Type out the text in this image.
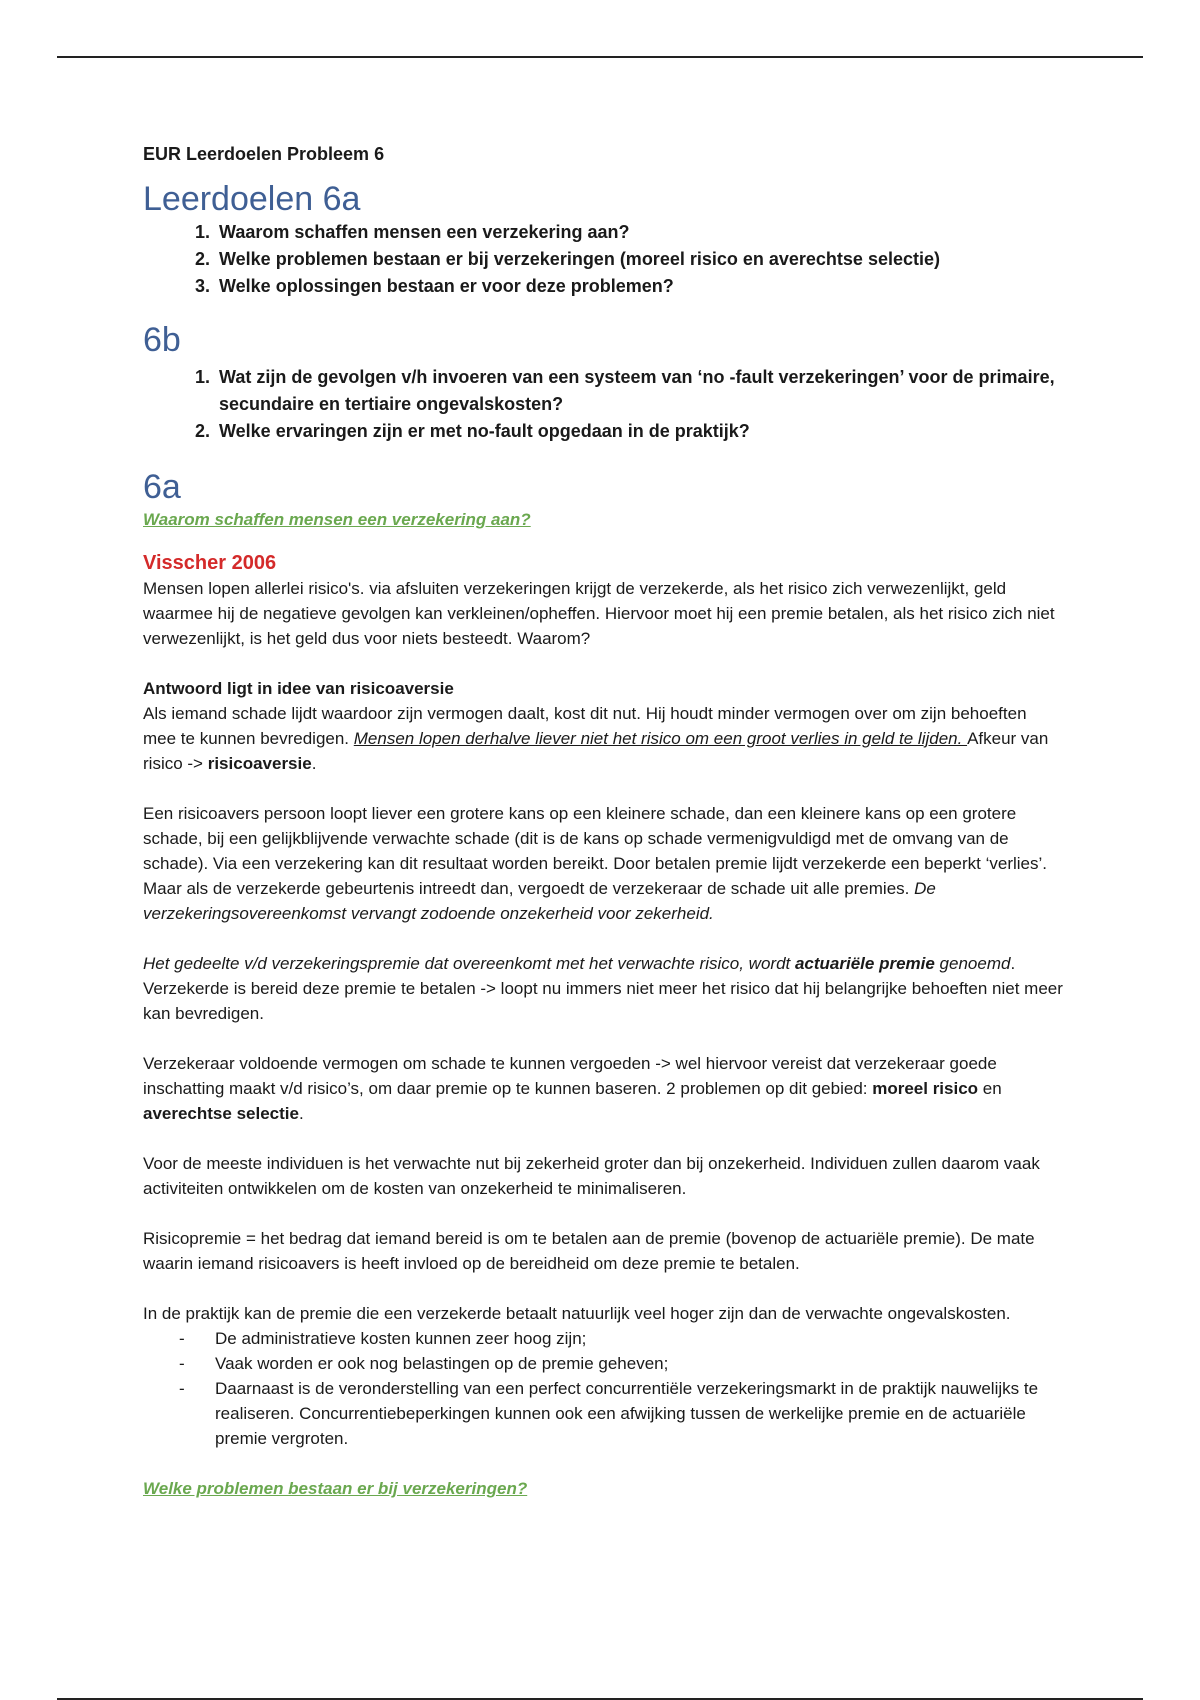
EUR Leerdoelen Probleem 6

Leerdoelen 6a
1. Waarom schaffen mensen een verzekering aan?
2. Welke problemen bestaan er bij verzekeringen (moreel risico en averechtse selectie)
3. Welke oplossingen bestaan er voor deze problemen?
6b
1. Wat zijn de gevolgen v/h invoeren van een systeem van ‘no -fault verzekeringen’ voor de primaire, secundaire en tertiaire ongevalskosten?
2. Welke ervaringen zijn er met no-fault opgedaan in de praktijk?
6a

Waarom schaffen mensen een verzekering aan?

Visscher 2006

Mensen lopen allerlei risico's. via afsluiten verzekeringen krijgt de verzekerde, als het risico zich verwezenlijkt, geld waarmee hij de negatieve gevolgen kan verkleinen/opheffen. Hiervoor moet hij een premie betalen, als het risico zich niet verwezenlijkt, is het geld dus voor niets besteedt. Waarom?

Antwoord ligt in idee van risicoaversie

Als iemand schade lijdt waardoor zijn vermogen daalt, kost dit nut. Hij houdt minder vermogen over om zijn behoeften mee te kunnen bevredigen. Mensen lopen derhalve liever niet het risico om een groot verlies in geld te lijden. Afkeur van risico -> risicoaversie.

Een risicoavers persoon loopt liever een grotere kans op een kleinere schade, dan een kleinere kans op een grotere schade, bij een gelijkblijvende verwachte schade (dit is de kans op schade vermenigvuldigd met de omvang van de schade). Via een verzekering kan dit resultaat worden bereikt. Door betalen premie lijdt verzekerde een beperkt ‘verlies’. Maar als de verzekerde gebeurtenis intreedt dan, vergoedt de verzekeraar de schade uit alle premies. De verzekeringsovereenkomst vervangt zodoende onzekerheid voor zekerheid.

Het gedeelte v/d verzekeringspremie dat overeenkomt met het verwachte risico, wordt actuariële premie genoemd. Verzekerde is bereid deze premie te betalen -> loopt nu immers niet meer het risico dat hij belangrijke behoeften niet meer kan bevredigen.

Verzekeraar voldoende vermogen om schade te kunnen vergoeden -> wel hiervoor vereist dat verzekeraar goede inschatting maakt v/d risico’s, om daar premie op te kunnen baseren. 2 problemen op dit gebied: moreel risico en averechtse selectie.

Voor de meeste individuen is het verwachte nut bij zekerheid groter dan bij onzekerheid. Individuen zullen daarom vaak activiteiten ontwikkelen om de kosten van onzekerheid te minimaliseren.

Risicopremie = het bedrag dat iemand bereid is om te betalen aan de premie (bovenop de actuariële premie). De mate waarin iemand risicoavers is heeft invloed op de bereidheid om deze premie te betalen.

In de praktijk kan de premie die een verzekerde betaalt natuurlijk veel hoger zijn dan de verwachte ongevalskosten.

- De administratieve kosten kunnen zeer hoog zijn;
- Vaak worden er ook nog belastingen op de premie geheven;
- Daarnaast is de veronderstelling van een perfect concurrentiële verzekeringsmarkt in de praktijk nauwelijks te realiseren. Concurrentiebeperkingen kunnen ook een afwijking tussen de werkelijke premie en de actuariële premie vergroten.

Welke problemen bestaan er bij verzekeringen?
